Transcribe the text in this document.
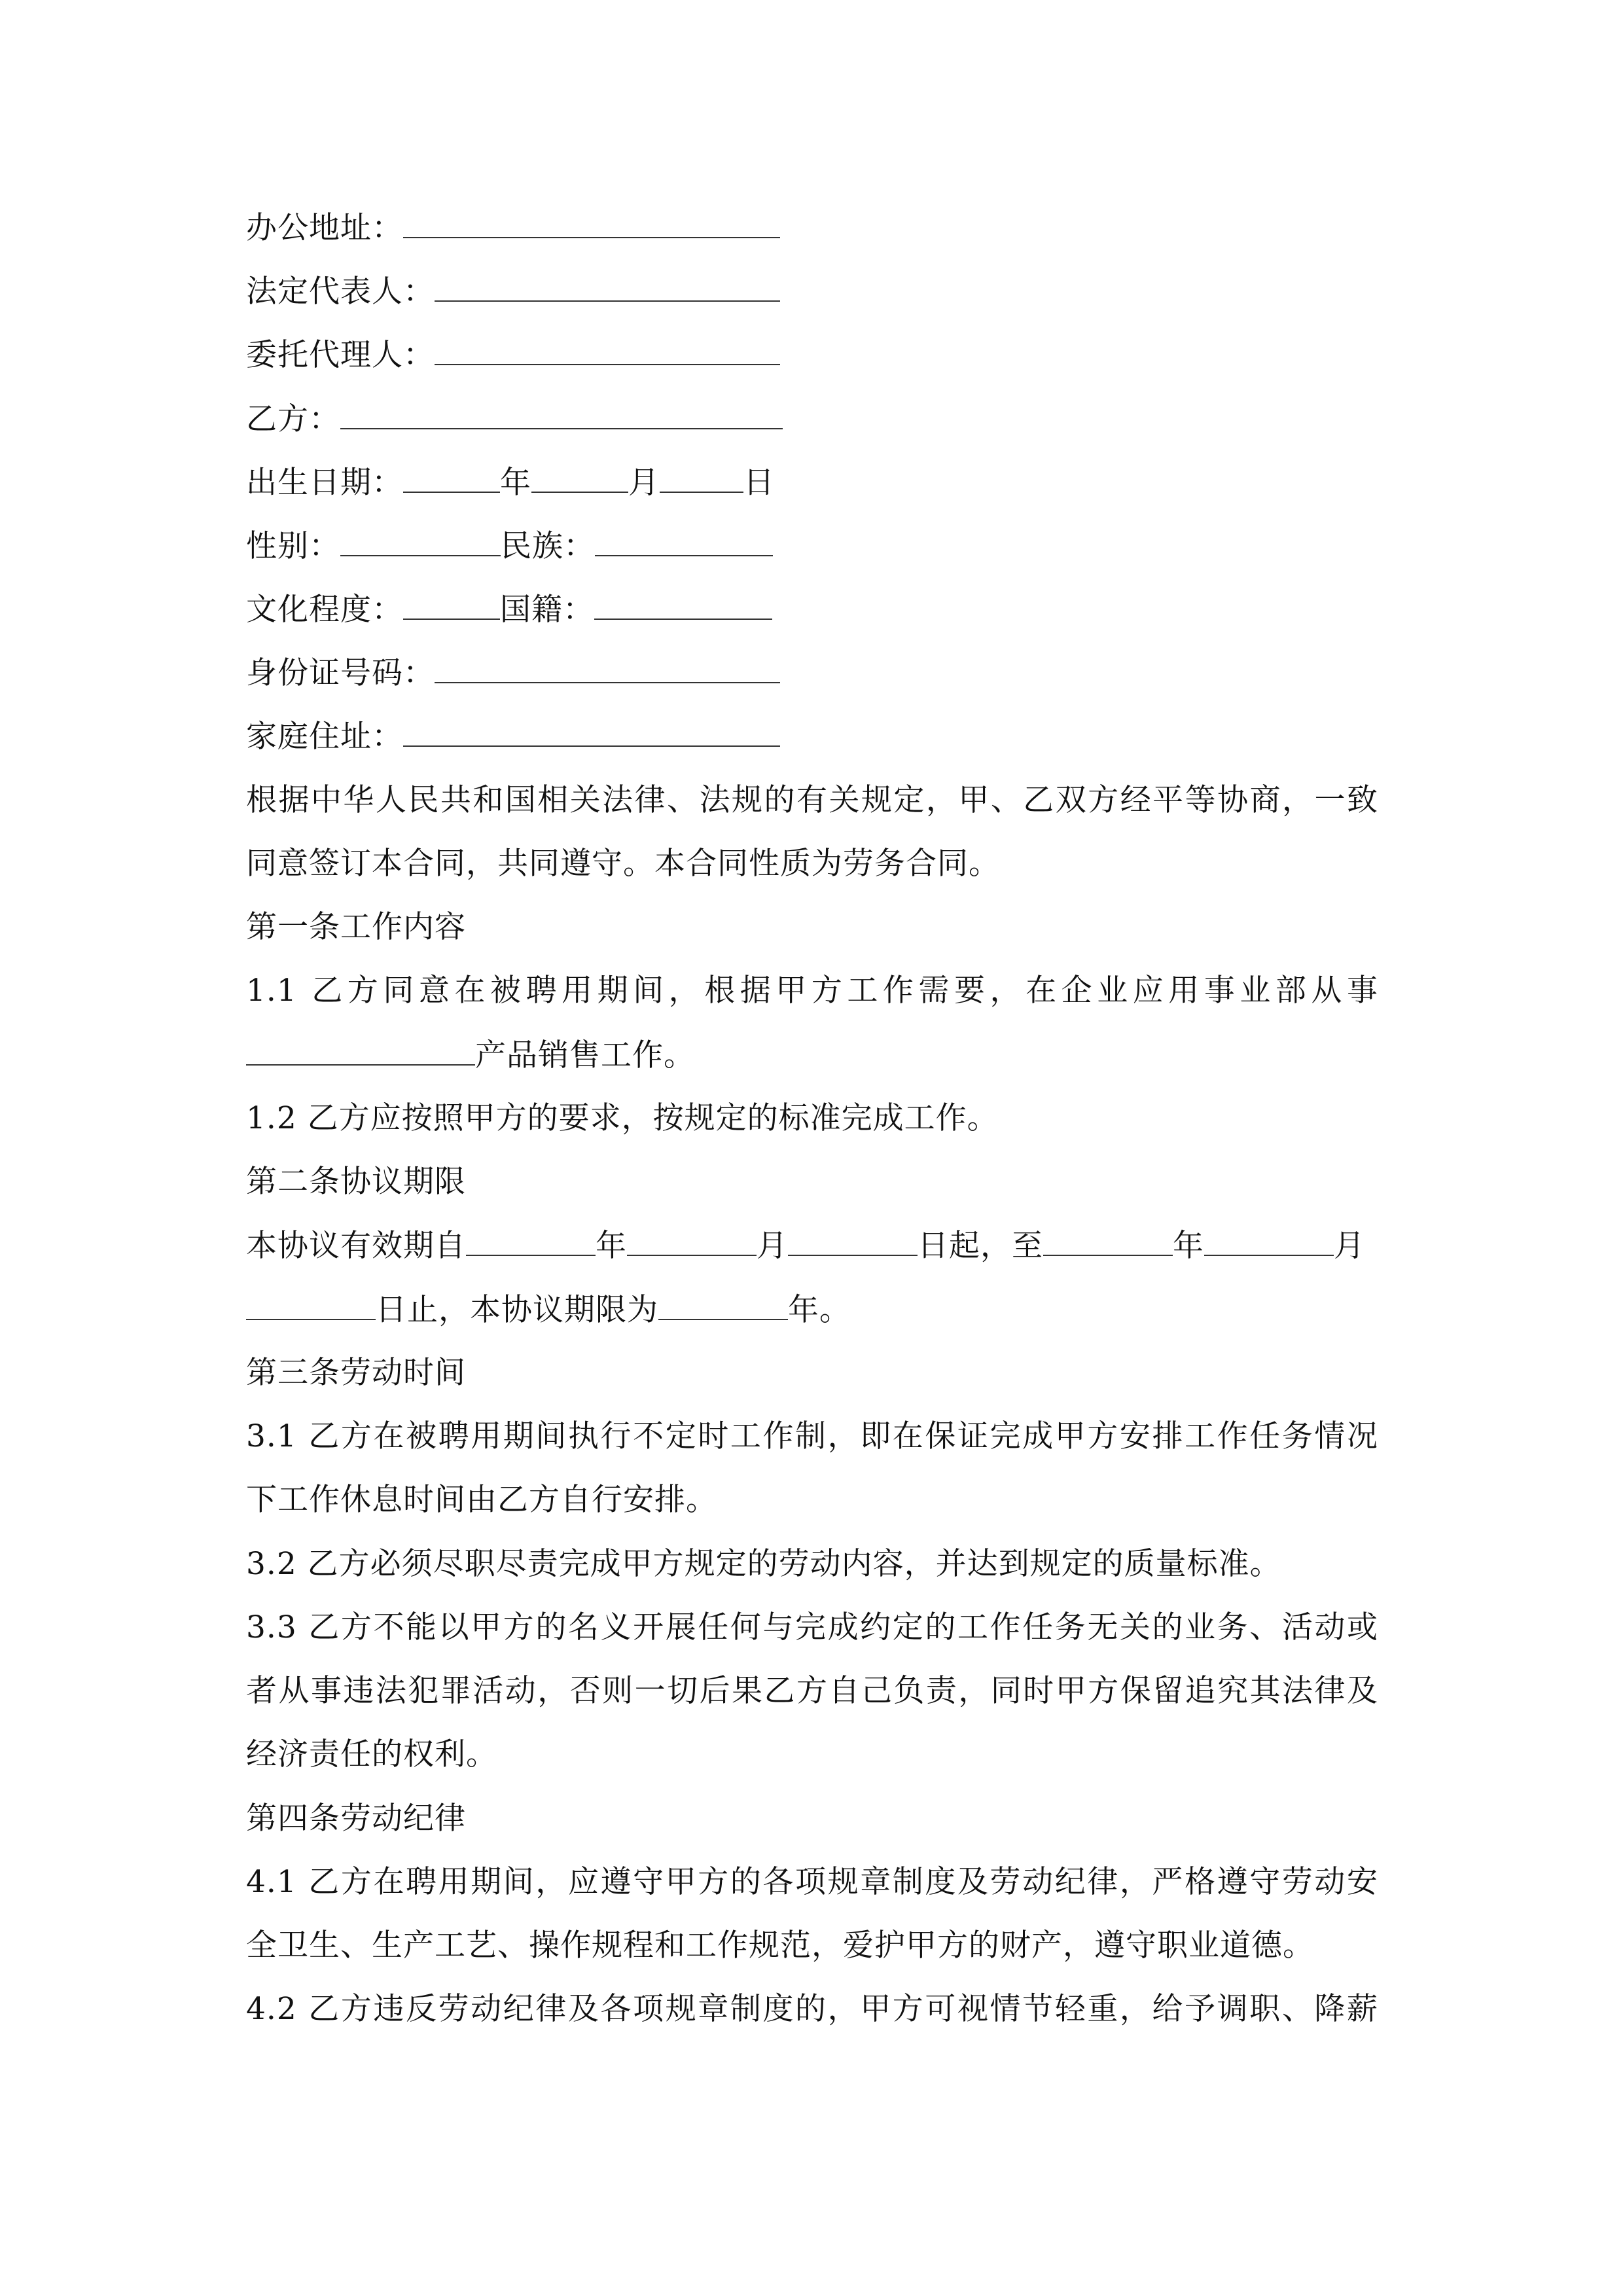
办公地址：
法定代表人：
委托代理人：
乙方：
出生日期：	年	月	日
性别：	民族：
文化程度：	国籍：
身份证号码：
家庭住址：
根据中华人民共和国相关法律、法规的有关规定，甲、乙双方经平等协商，一致
同意签订本合同，共同遵守。本合同性质为劳务合同。
第一条工作内容
1.1 乙方同意在被聘用期间，根据甲方工作需要，在企业应用事业部从事
产品销售工作。
1.2 乙方应按照甲方的要求，按规定的标准完成工作。
第二条协议期限
本协议有效期自	年	月	日起，至	年	月
日止，本协议期限为	年。
第三条劳动时间
3.1 乙方在被聘用期间执行不定时工作制，即在保证完成甲方安排工作任务情况
下工作休息时间由乙方自行安排。
3.2 乙方必须尽职尽责完成甲方规定的劳动内容，并达到规定的质量标准。
3.3 乙方不能以甲方的名义开展任何与完成约定的工作任务无关的业务、活动或
者从事违法犯罪活动，否则一切后果乙方自己负责，同时甲方保留追究其法律及
经济责任的权利。
第四条劳动纪律
4.1 乙方在聘用期间，应遵守甲方的各项规章制度及劳动纪律，严格遵守劳动安
全卫生、生产工艺、操作规程和工作规范，爱护甲方的财产，遵守职业道德。
4.2 乙方违反劳动纪律及各项规章制度的，甲方可视情节轻重，给予调职、降薪
